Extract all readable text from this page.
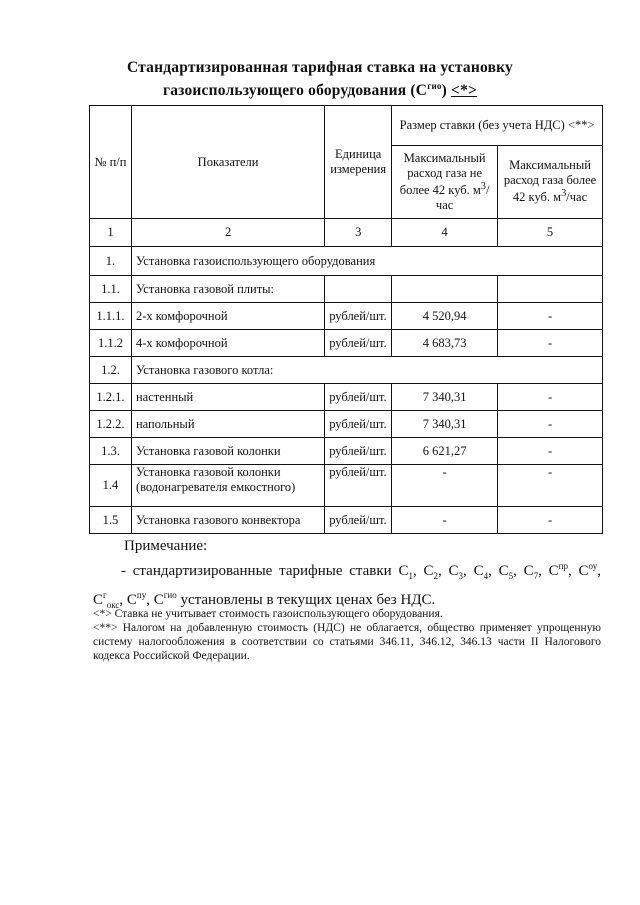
Стандартизированная тарифная ставка на установку
газоиспользующего оборудования $(С^{гио})$ <*>
№ п/п	Показатели	Единица измерения	Размер ставки (без учета НДС) <**>	
			Максимальный расход газа не более 42 куб. $м^3$/час	Максимальный расход газа более 42 куб. $м^3$/час
1	2	3	4	5
1.	Установка газоиспользующего оборудования			
1.1.	Установка газовой плиты:			
1.1.1.	2-х комфорочной	рублей/шт.	4 520,94	-
1.1.2	4-х комфорочной	рублей/шт.	4 683,73	-
1.2.	Установка газового котла:			
1.2.1.	настенный	рублей/шт.	7 340,31	-
1.2.2.	напольный	рублей/шт.	7 340,31	-
1.3.	Установка газовой колонки	рублей/шт.	6 621,27	-
1.4	Установка газовой колонки (водонагревателя емкостного)	рублей/шт.	-	-
1.5	Установка газового конвектора	рублей/шт.	-	-
Примечание:
- стандартизированные тарифные ставки $С_1$, $С_2$, $С_3$, $С_4$, $С_5$, $С_7$, $С^{пр}$, $С^{оу}$, $С^г_{окс}$, $С^{пу}$, $С^{гио}$ установлены в текущих ценах без НДС.
<*> Ставка не учитывает стоимость газоиспользующего оборудования.
<**> Налогом на добавленную стоимость (НДС) не облагается, общество применяет упрощенную систему налогообложения в соответствии со статьями 346.11, 346.12, 346.13 части II Налогового кодекса Российской Федерации.
